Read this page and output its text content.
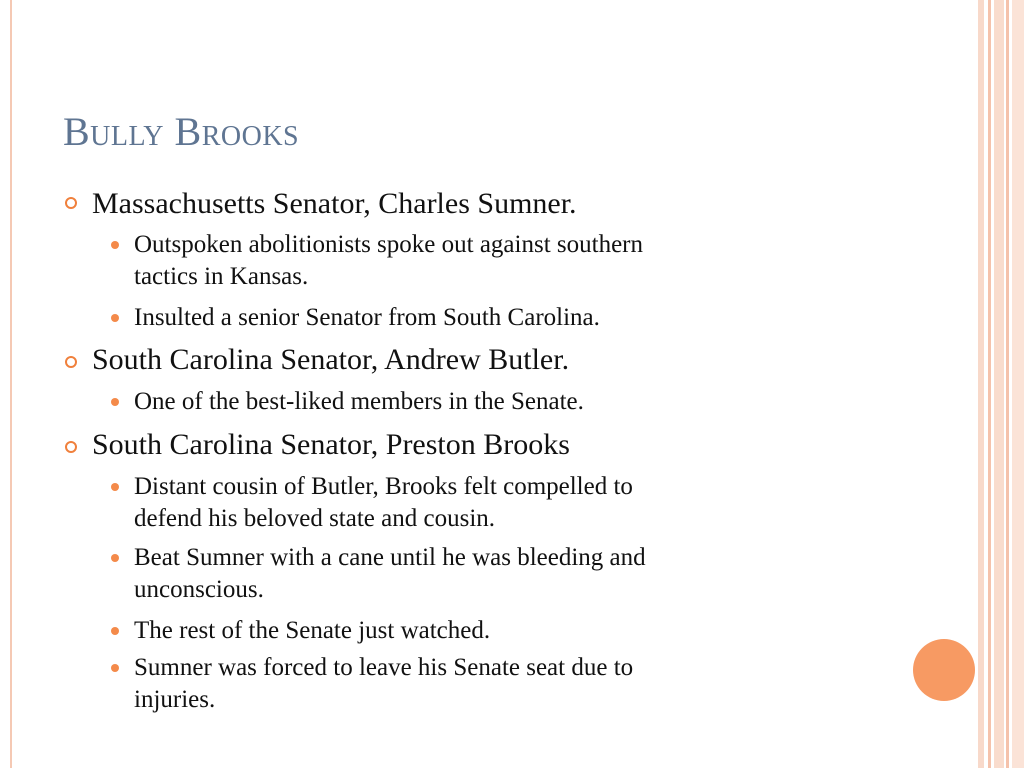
Bully Brooks
Massachusetts Senator, Charles Sumner.
Outspoken abolitionists spoke out against southern
tactics in Kansas.
Insulted a senior Senator from South Carolina.
South Carolina Senator, Andrew Butler.
One of the best-liked members in the Senate.
South Carolina Senator, Preston Brooks
Distant cousin of Butler, Brooks felt compelled to
defend his beloved state and cousin.
Beat Sumner with a cane until he was bleeding and
unconscious.
The rest of the Senate just watched.
Sumner was forced to leave his Senate seat due to
injuries.
